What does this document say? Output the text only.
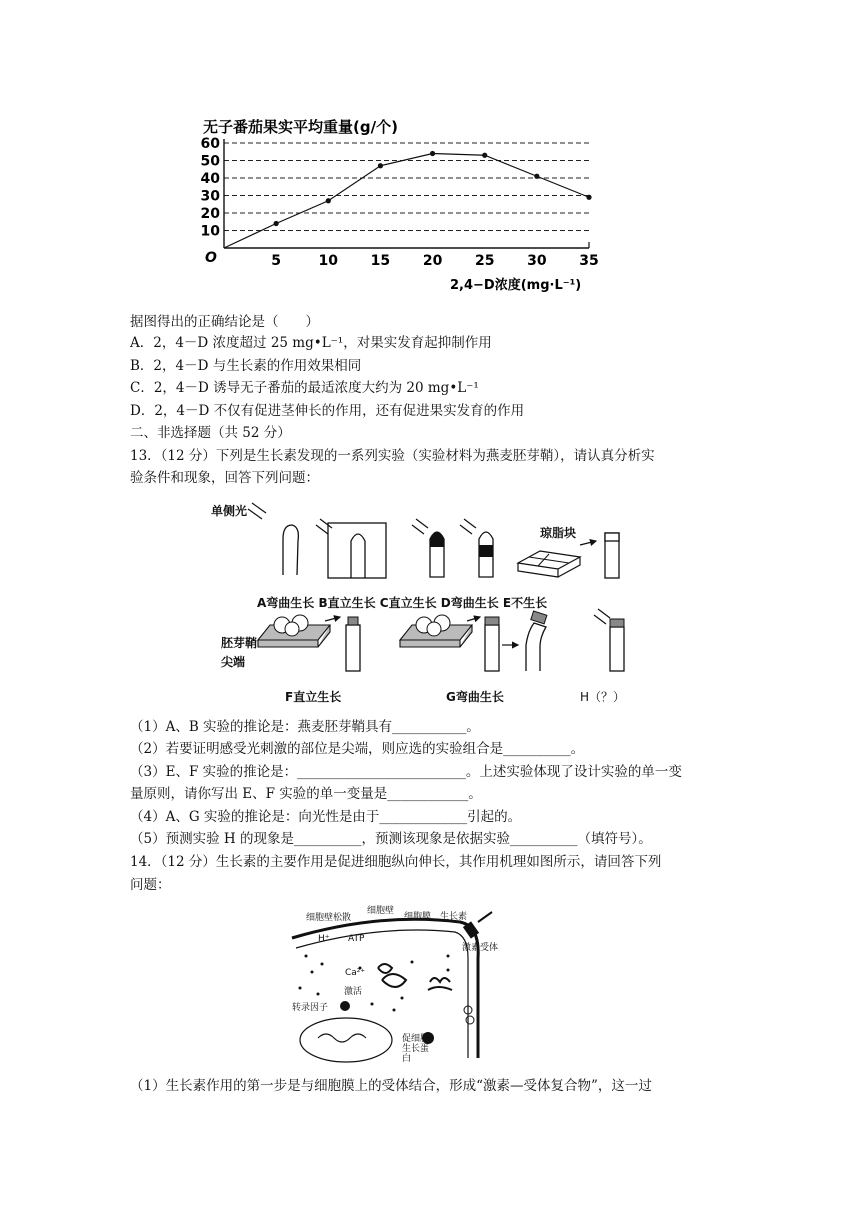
无子番茄果实平均重量(g/个)
10
20
30
40
50
60
5	10 15 20 25 30 35
O
2,4−D浓度(mg·L⁻¹)
据图得出的正确结论是（　　）
A．2，4－D 浓度超过 25 mg•L⁻¹，对果实发育起抑制作用
B．2，4－D 与生长素的作用效果相同
C．2，4－D 诱导无子番茄的最适浓度大约为 20 mg•L⁻¹
D．2，4－D 不仅有促进茎伸长的作用，还有促进果实发育的作用
二、非选择题（共 52 分）
13．（12 分）下列是生长素发现的一系列实验（实验材料为燕麦胚芽鞘），请认真分析实
验条件和现象，回答下列问题：
单侧光
琼脂块
A弯曲生长 B直立生长 C直立生长 D弯曲生长 E不生长
胚芽鞘
尖端
F直立生长	G弯曲生长	H（？）
（1）A、B 实验的推论是：燕麦胚芽鞘具有___________。
（2）若要证明感受光刺激的部位是尖端，则应选的实验组合是__________。
（3）E、F 实验的推论是：_________________________。上述实验体现了设计实验的单一变
量原则，请你写出 E、F 实验的单一变量是____________。
（4）A、G 实验的推论是：向光性是由于_____________引起的。
（5）预测实验 H 的现象是__________，预测该现象是依据实验__________（填符号）。
14．（12 分）生长素的主要作用是促进细胞纵向伸长，其作用机理如图所示，请回答下列
问题：
细胞壁松散
细胞壁
细胞膜 生长素
激素受体
H⁺ ATP
Ca²⁺
激活
转录因子
促细胞生长蛋白
（1）生长素作用的第一步是与细胞膜上的受体结合，形成“激素—受体复合物”，这一过
